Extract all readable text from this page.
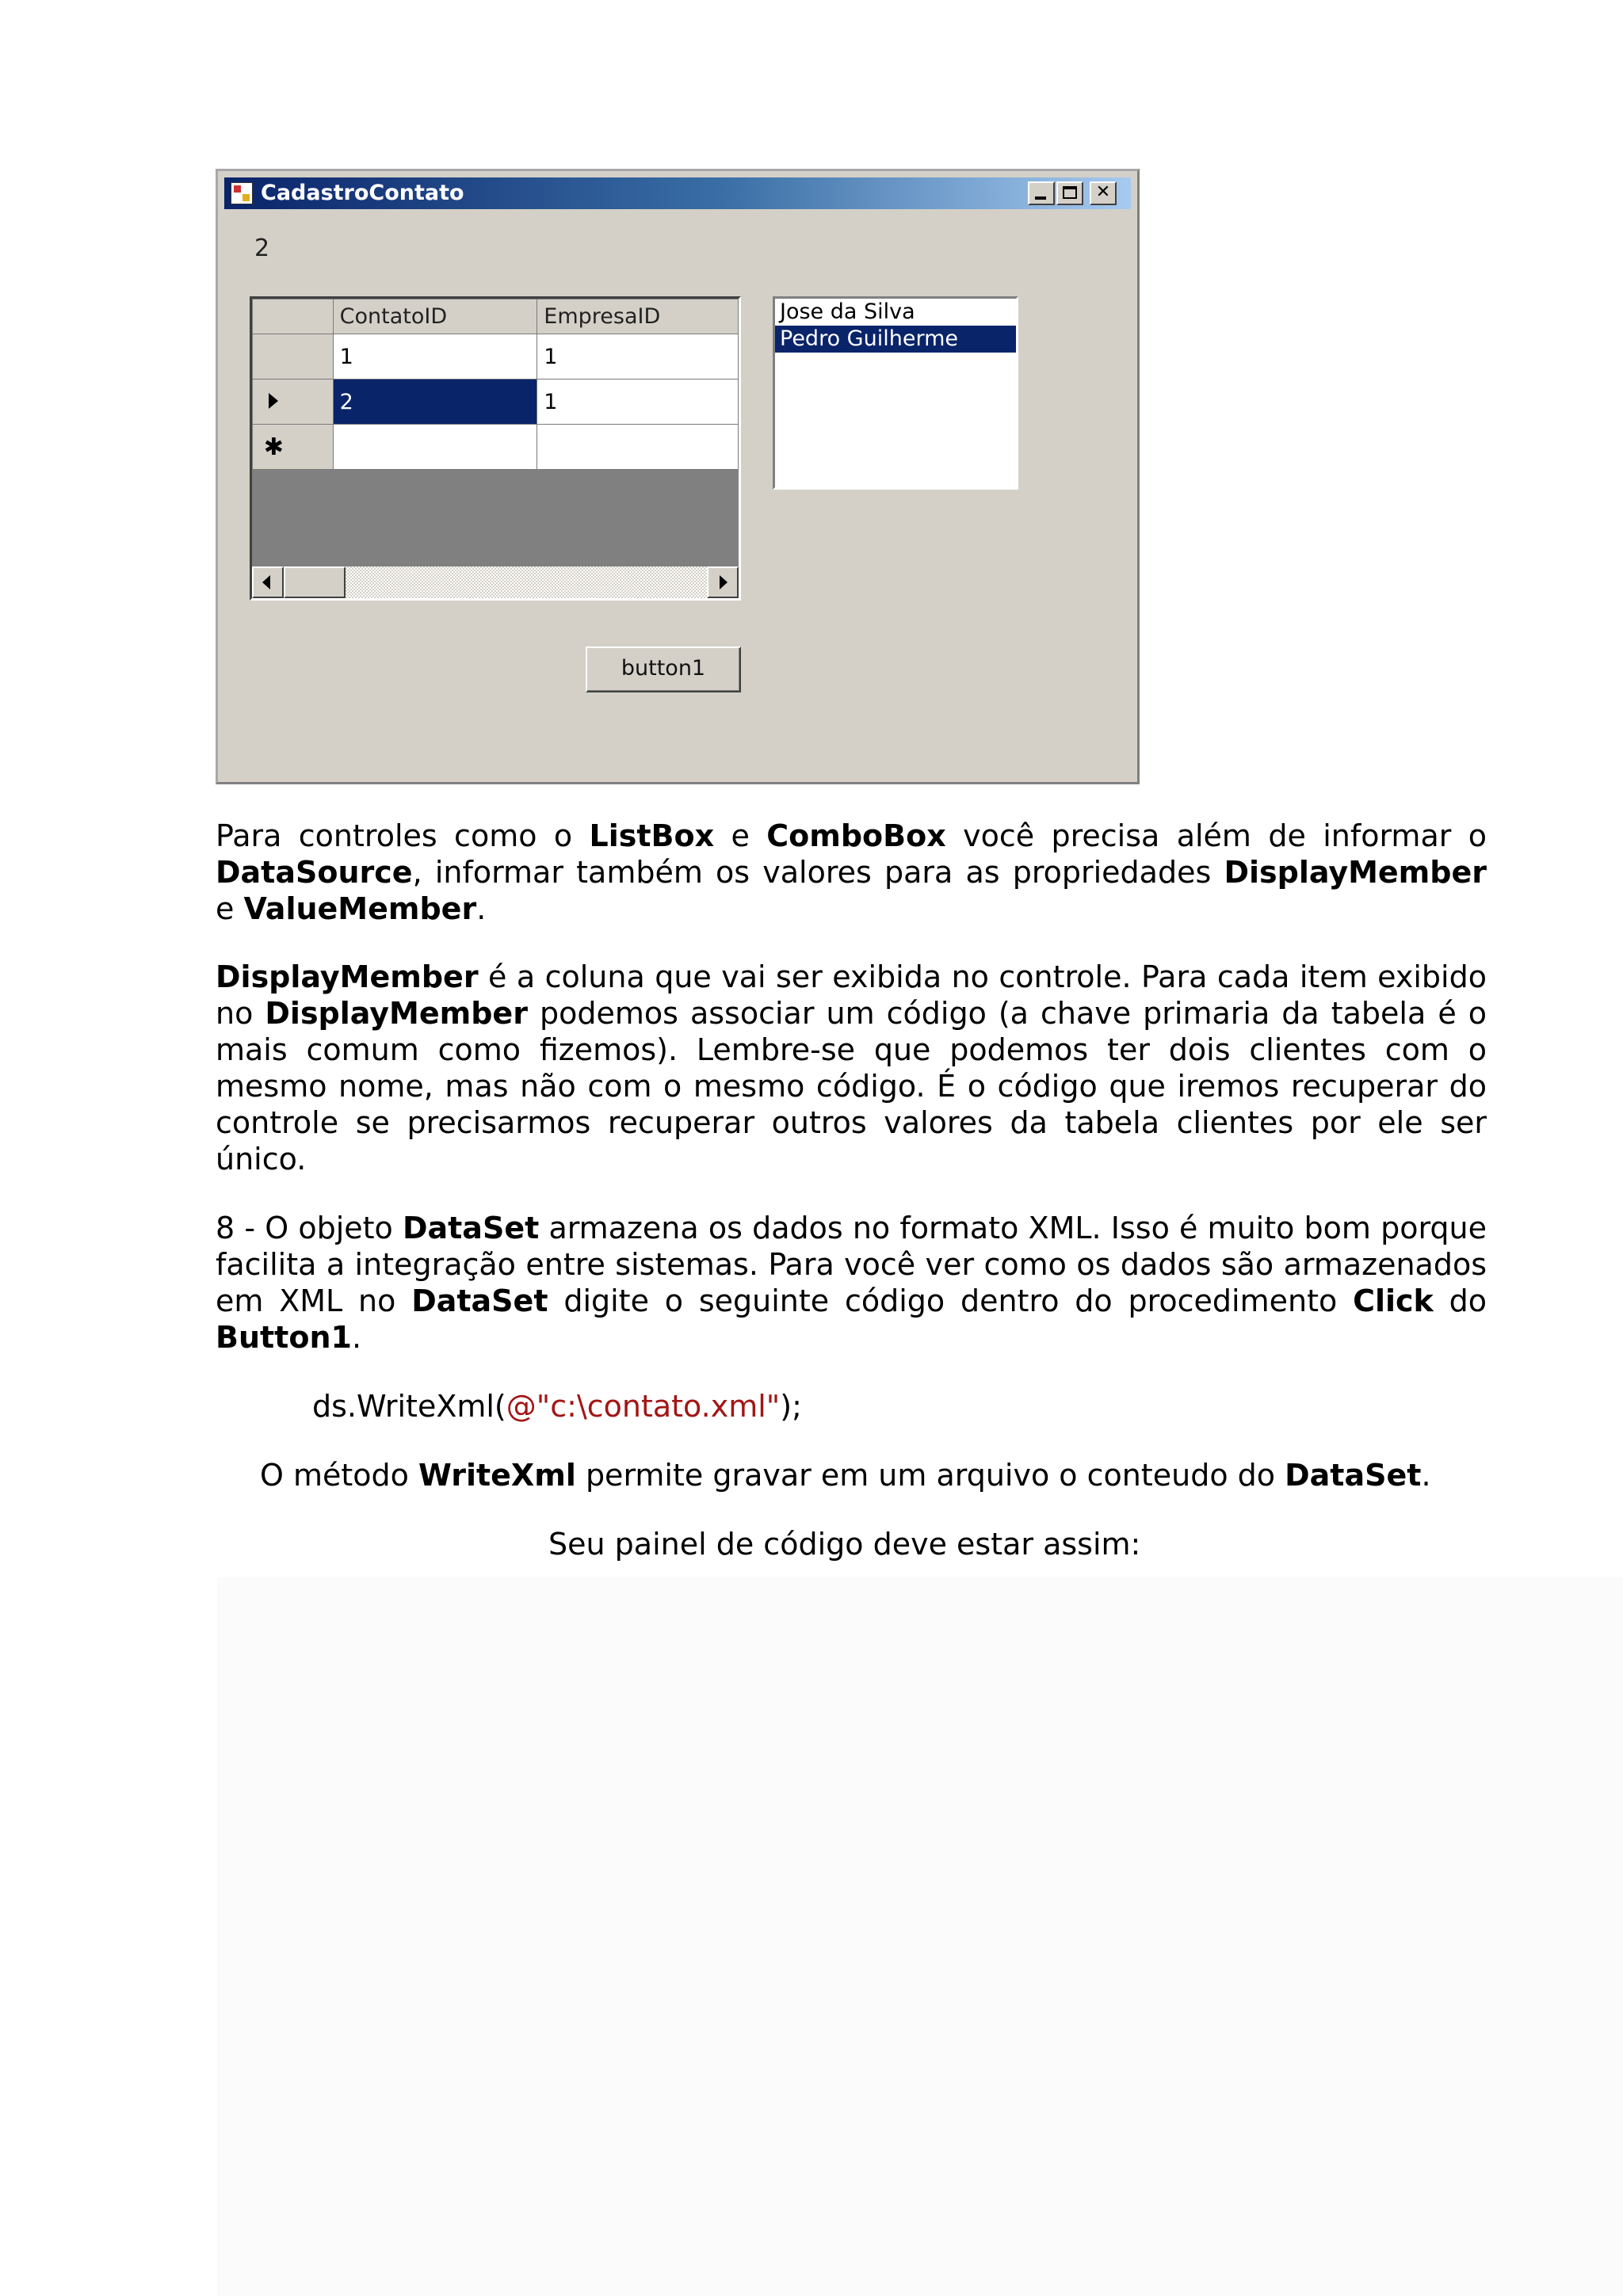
CadastroContato	✕
2
	ContatoID	EmpresaID
	1	1
	2	1
✱		
Jose da Silva
Pedro Guilherme
button1

Para controles como o ListBox e ComboBox você precisa além de informar o DataSource, informar também os valores para as propriedades DisplayMember e ValueMember.

DisplayMember é a coluna que vai ser exibida no controle. Para cada item exibido no DisplayMember podemos associar um código (a chave primaria da tabela é o mais comum como fizemos). Lembre-se que podemos ter dois clientes com o mesmo nome, mas não com o mesmo código. É o código que iremos recuperar do controle se precisarmos recuperar outros valores da tabela clientes por ele ser único.

8 - O objeto DataSet armazena os dados no formato XML. Isso é muito bom porque facilita a integração entre sistemas. Para você ver como os dados são armazenados em XML no DataSet digite o seguinte código dentro do procedimento Click do Button1.

ds.WriteXml(@"c:\contato.xml");
O método WriteXml permite gravar em um arquivo o conteudo do DataSet.
Seu painel de código deve estar assim:
